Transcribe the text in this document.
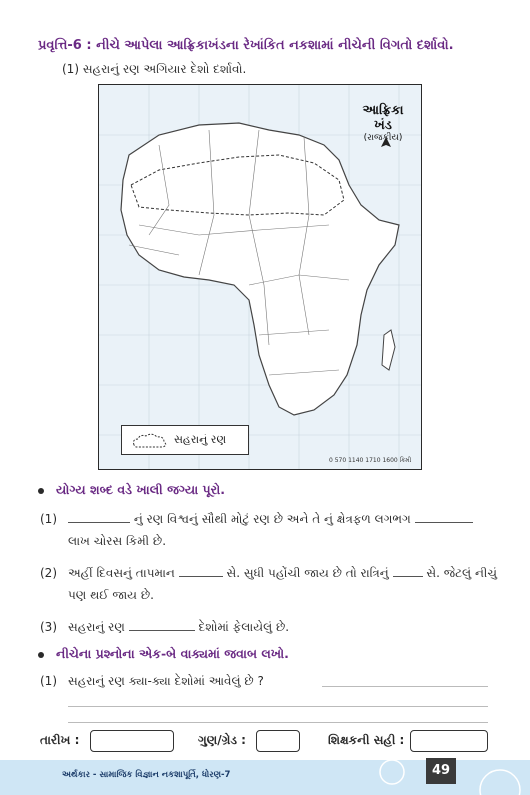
પ્રવૃત્તિ-6 : નીચે આપેલા આફ્રિકાખંડના રેખાંકિત નકશામાં નીચેની વિગતો દર્શાવો.
(1) સહરાનું રણ અગિયાર દેશો દર્શાવો.
આફ્રિકા ખંડ
(રાજકીય)
સહરાનું રણ
0 570 1140 1710 1600 કિમી
યોગ્ય શબ્દ વડે ખાલી જગ્યા પૂરો.
(1)	નું રણ વિશ્વનું સૌથી મોટું રણ છે અને તે નું ક્ષેત્રફળ લગભગ
લાખ ચોરસ કિમી છે.
(2) અહીં દિવસનું તાપમાન	સે. સુધી પહોંચી જાય છે તો રાત્રિનું	સે. જેટલું નીચું
પણ થઈ જાય છે.
(3) સહરાનું રણ	દેશોમાં ફેલાયેલું છે.
નીચેના પ્રશ્નોના એક-બે વાક્યમાં જવાબ લખો.
(1) સહરાનું રણ ક્યા-ક્યા દેશોમાં આવેલું છે ?
તારીખ :	ગુણ/ગ્રેડ :	શિક્ષકની સહી :
અર્થકાર - સામાજિક વિજ્ઞાન નકશાપૂર્તિ, ધોરણ-7	49
